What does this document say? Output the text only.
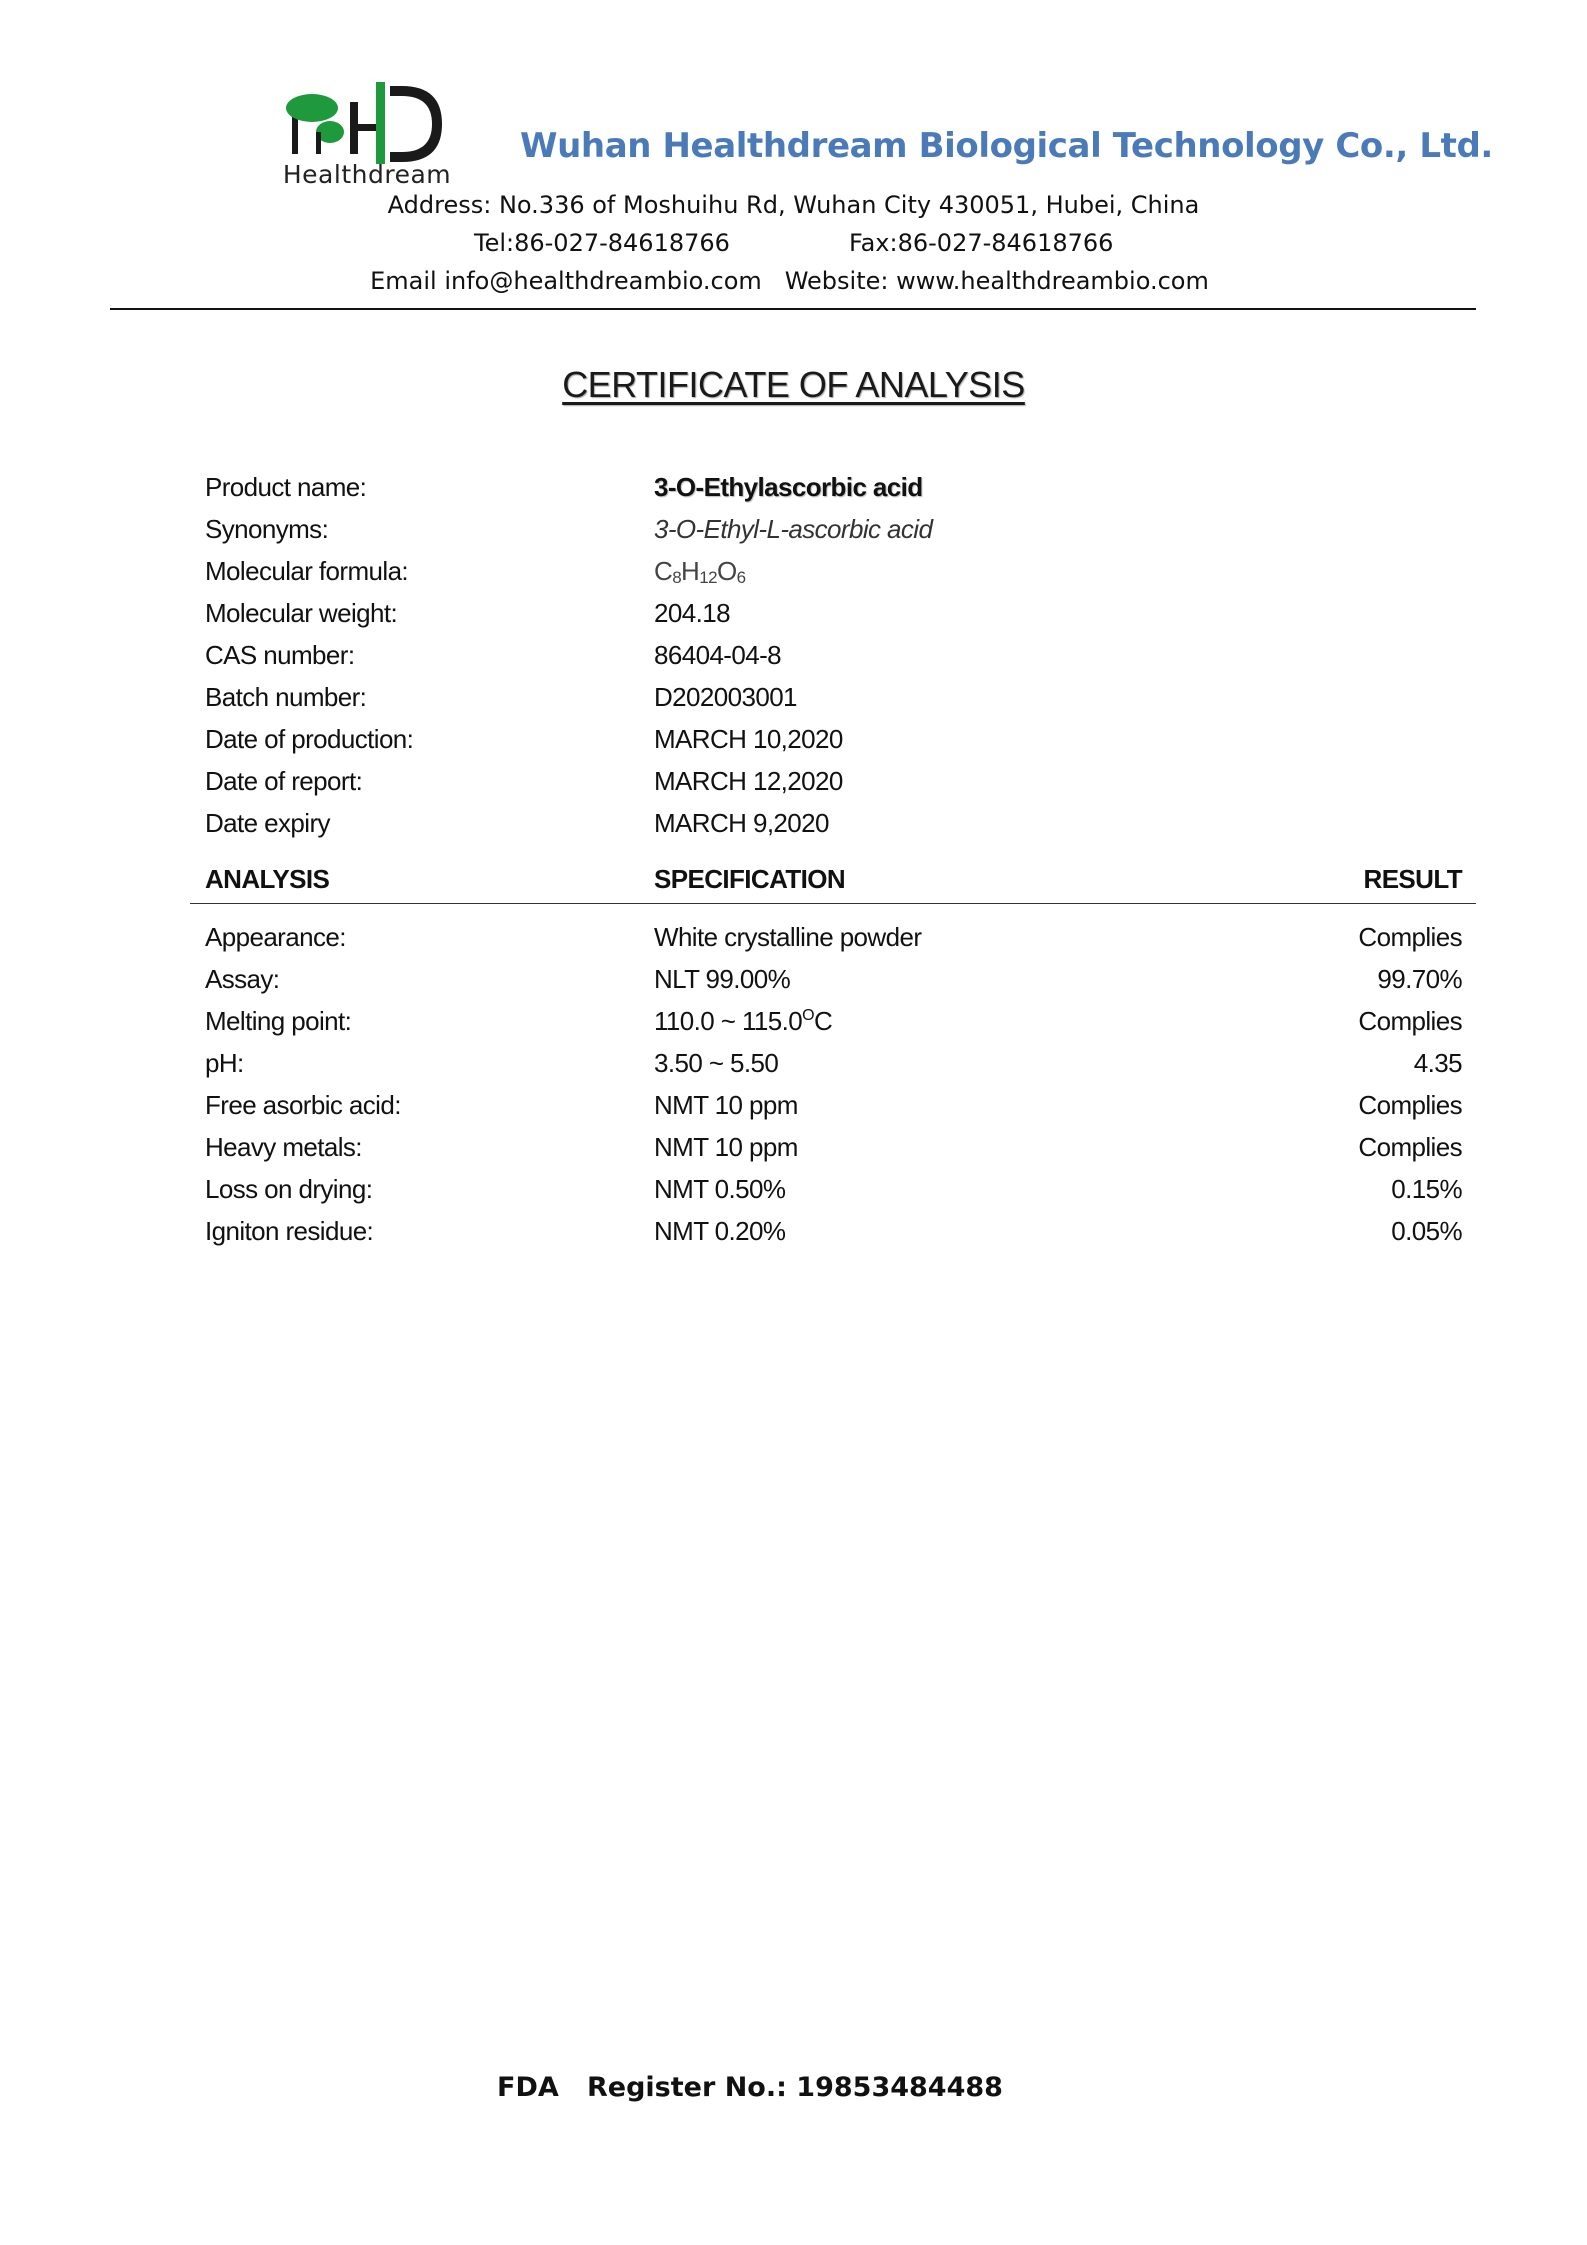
Healthdream
Wuhan Healthdream Biological Technology Co., Ltd.
Address: No.336 of Moshuihu Rd, Wuhan City 430051, Hubei, China
Tel:86-027-84618766	Fax:86-027-84618766
Email info@healthdreambio.com Website: www.healthdreambio.com
CERTIFICATE OF ANALYSIS
Product name:	3-O-Ethylascorbic acid
Synonyms:	3-O-Ethyl-L-ascorbic acid
Molecular formula:	$C_8H_{12}O_6$
Molecular weight:	204.18
CAS number:	86404-04-8
Batch number:	D202003001
Date of production:	MARCH 10,2020
Date of report:	MARCH 12,2020
Date expiry	MARCH 9,2020
ANALYSIS	SPECIFICATION	RESULT
Appearance:	White crystalline powder	Complies
Assay:	NLT 99.00%	99.70%
Melting point:	110.0 ~ $115.0^OC$	Complies
pH:	3.50 ~ 5.50	4.35
Free asorbic acid:	NMT 10 ppm	Complies
Heavy metals:	NMT 10 ppm	Complies
Loss on drying:	NMT 0.50%	0.15%
Igniton residue:	NMT 0.20%	0.05%
FDA Register No.: 19853484488
